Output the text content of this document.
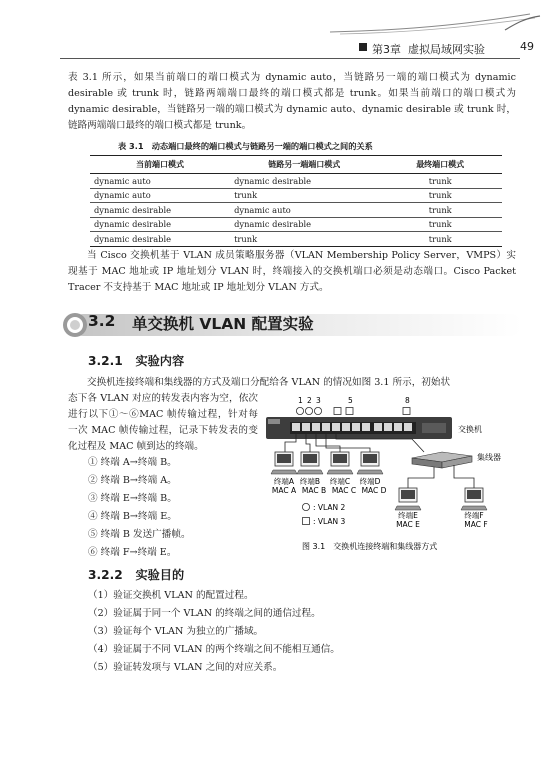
第3章 虚拟局域网实验	49
表 3.1 所示，如果当前端口的端口模式为 dynamic auto，当链路另一端的端口模式为 dynamic desirable 或 trunk 时，链路两端端口最终的端口模式都是 trunk。如果当前端口的端口模式为 dynamic desirable，当链路另一端的端口模式为 dynamic auto、dynamic desirable 或 trunk 时，链路两端端口最终的端口模式都是 trunk。
表 3.1　动态端口最终的端口模式与链路另一端的端口模式之间的关系
当前端口模式	链路另一端端口模式	最终端口模式
dynamic auto	dynamic desirable	trunk
dynamic auto	trunk	trunk
dynamic desirable	dynamic auto	trunk
dynamic desirable	dynamic desirable	trunk
dynamic desirable	trunk	trunk
当 Cisco 交换机基于 VLAN 成员策略服务器（VLAN Membership Policy Server，VMPS）实现基于 MAC 地址或 IP 地址划分 VLAN 时，终端接入的交换机端口必须是动态端口。Cisco Packet Tracer 不支持基于 MAC 地址或 IP 地址划分 VLAN 方式。
3.2 单交换机 VLAN 配置实验
3.2.1 实验内容
交换机连接终端和集线器的方式及端口分配给各 VLAN 的情况如图 3.1 所示，初始状
态下各 VLAN 对应的转发表内容为空，依次进行以下①～⑥MAC 帧传输过程，针对每一次 MAC 帧传输过程，记录下转发表的变化过程及 MAC 帧到达的终端。
① 终端 A→终端 B。
② 终端 B→终端 A。
③ 终端 E→终端 B。
④ 终端 B→终端 E。
⑤ 终端 B 发送广播帧。
⑥ 终端 F→终端 E。
1 2 3	5	8
交换机
集线器
终端A
MAC A
终端B
MAC B
终端C
MAC C
终端D
MAC D
终端E
MAC E
终端F
MAC F
: VLAN 2
: VLAN 3
图 3.1　交换机连接终端和集线器方式
3.2.2 实验目的
（1）验证交换机 VLAN 的配置过程。
（2）验证属于同一个 VLAN 的终端之间的通信过程。
（3）验证每个 VLAN 为独立的广播域。
（4）验证属于不同 VLAN 的两个终端之间不能相互通信。
（5）验证转发项与 VLAN 之间的对应关系。
